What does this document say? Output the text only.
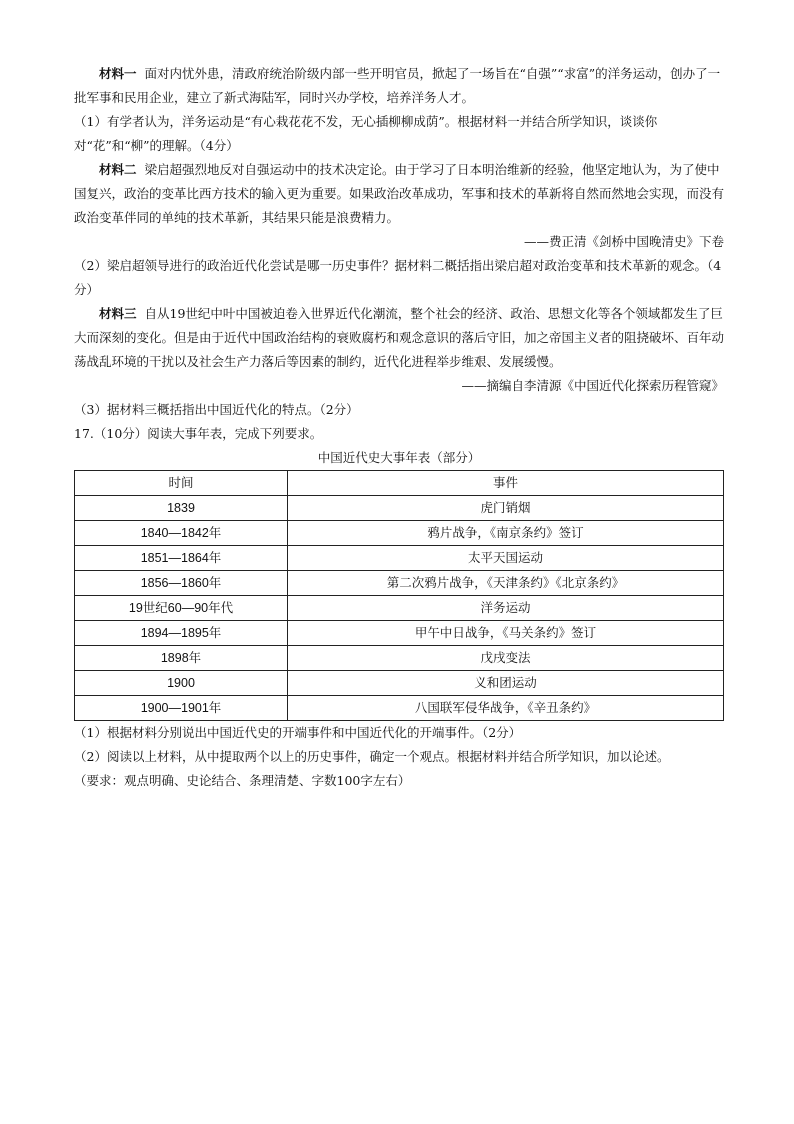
材料一 面对内忧外患，清政府统治阶级内部一些开明官员，掀起了一场旨在“自强”“求富”的洋务运动，创办了一批军事和民用企业，建立了新式海陆军，同时兴办学校，培养洋务人才。

（1）有学者认为，洋务运动是“有心栽花花不发，无心插柳柳成荫”。根据材料一并结合所学知识，谈谈你对“花”和“柳”的理解。（4分）

材料二 梁启超强烈地反对自强运动中的技术决定论。由于学习了日本明治维新的经验，他坚定地认为，为了使中国复兴，政治的变革比西方技术的输入更为重要。如果政治改革成功，军事和技术的革新将自然而然地会实现，而没有政治变革伴同的单纯的技术革新，其结果只能是浪费精力。

——费正清《剑桥中国晚清史》下卷

（2）梁启超领导进行的政治近代化尝试是哪一历史事件？据材料二概括指出梁启超对政治变革和技术革新的观念。（4分）

材料三 自从19世纪中叶中国被迫卷入世界近代化潮流，整个社会的经济、政治、思想文化等各个领域都发生了巨大而深刻的变化。但是由于近代中国政治结构的衰败腐朽和观念意识的落后守旧，加之帝国主义者的阻挠破坏、百年动荡战乱环境的干扰以及社会生产力落后等因素的制约，近代化进程举步维艰、发展缓慢。

——摘编自李清源《中国近代化探索历程管窥》

（3）据材料三概括指出中国近代化的特点。（2分）

17.（10分）阅读大事年表，完成下列要求。

中国近代史大事年表（部分）

时间	事件
1839	虎门销烟
1840—1842年	鸦片战争，《南京条约》签订
1851—1864年	太平天国运动
1856—1860年	第二次鸦片战争，《天津条约》《北京条约》
19世纪60—90年代	洋务运动
1894—1895年	甲午中日战争，《马关条约》签订
1898年	戊戌变法
1900	义和团运动
1900—1901年	八国联军侵华战争，《辛丑条约》

（1）根据材料分别说出中国近代史的开端事件和中国近代化的开端事件。（2分）

（2）阅读以上材料，从中提取两个以上的历史事件，确定一个观点。根据材料并结合所学知识，加以论述。

（要求：观点明确、史论结合、条理清楚、字数100字左右）
